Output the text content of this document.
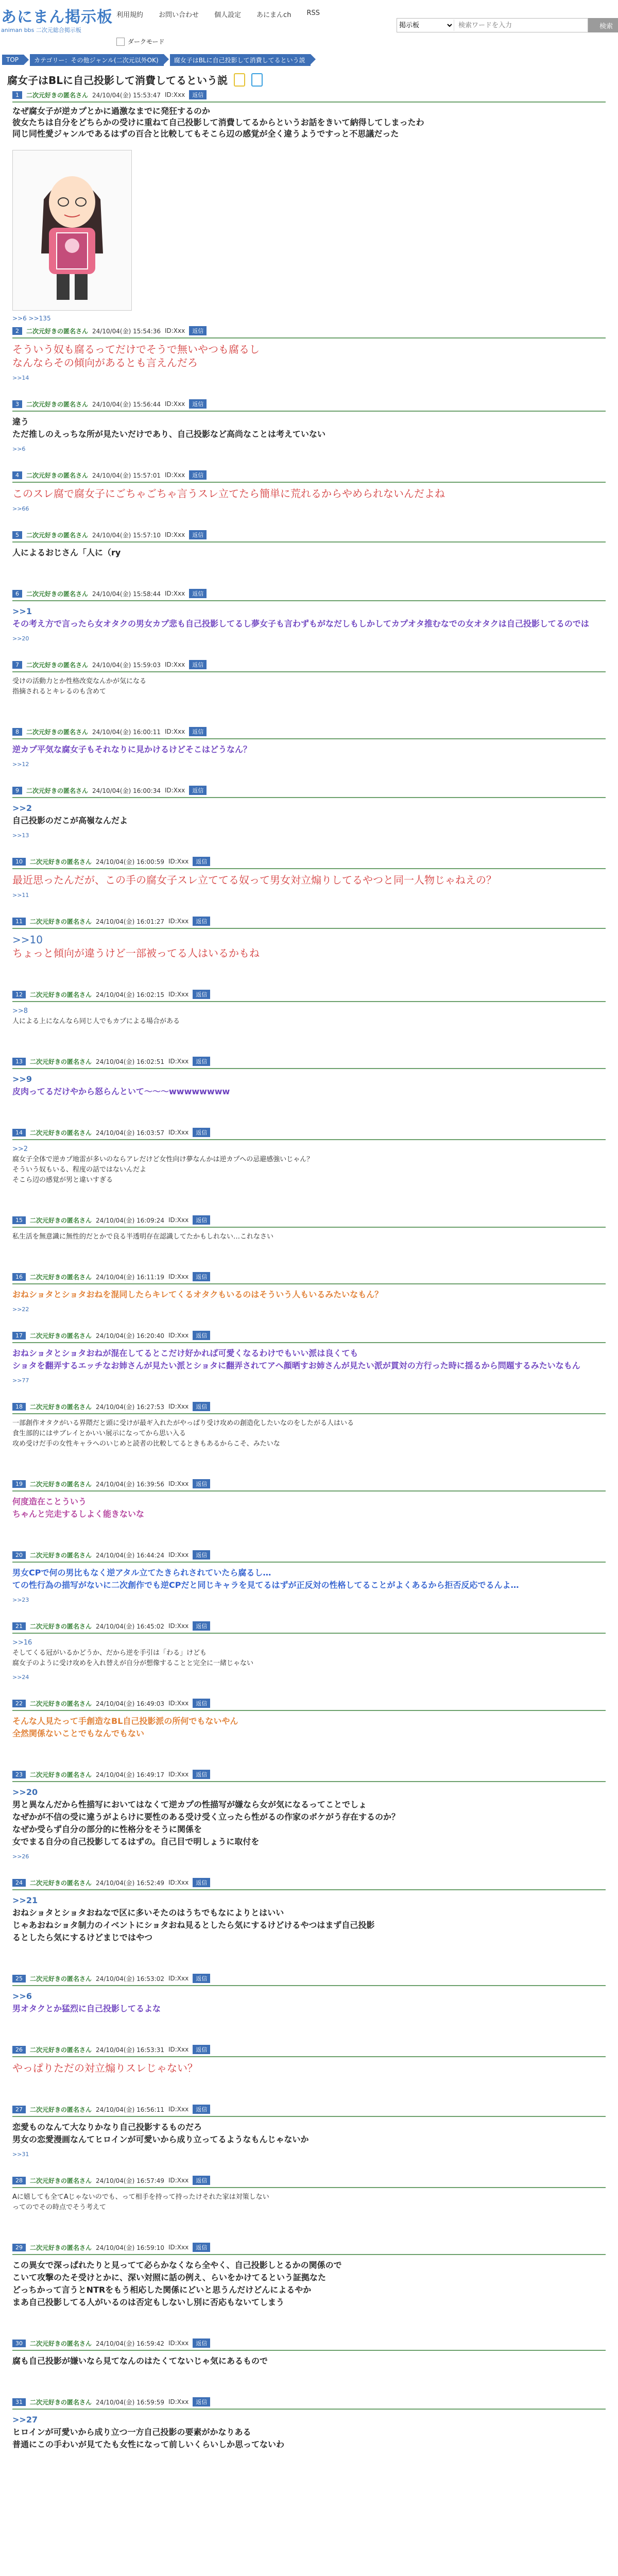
あにまん掲示板
animan bbs 二次元総合掲示板
利用規約 お問い合わせ 個人設定 あにまんch RSS
掲示板
検索ワードを入力
検索
ダークモード
TOP	カテゴリー：その他ジャンル(二次元以外OK)	腐女子はBLに自己投影して消費してるという説
腐女子はBLに自己投影して消費してるという説
1	二次元好きの匿名さん 24/10/04(金) 15:53:47 ID:Xxx	返信
なぜ腐女子が逆カプとかに過激なまでに発狂するのか
彼女たちは自分をどちらかの受けに重ねて自己投影して消費してるからというお話をきいて納得してしまったわ
同じ同性愛ジャンルであるはずの百合と比較してもそこら辺の感覚が全く違うようですっと不思議だった
>>6 >>135
2	二次元好きの匿名さん 24/10/04(金) 15:54:36 ID:Xxx	返信
そういう奴も腐るってだけでそうで無いやつも腐るし
なんならその傾向があるとも言えんだろ
>>14
3	二次元好きの匿名さん 24/10/04(金) 15:56:44 ID:Xxx	返信
違う
ただ推しのえっちな所が見たいだけであり、自己投影など高尚なことは考えていない
>>6
4	二次元好きの匿名さん 24/10/04(金) 15:57:01 ID:Xxx	返信
このスレ腐で腐女子にごちゃごちゃ言うスレ立てたら簡単に荒れるからやめられないんだよね
>>66
5	二次元好きの匿名さん 24/10/04(金) 15:57:10 ID:Xxx	返信
人によるおじさん「人に（ry
6	二次元好きの匿名さん 24/10/04(金) 15:58:44 ID:Xxx	返信
>>1
その考え方で言ったら女オタクの男女カプ悲も自己投影してるし夢女子も言わずもがなだしもしかしてカプオタ推むなでの女オタクは自己投影してるのでは
>>20
7	二次元好きの匿名さん 24/10/04(金) 15:59:03 ID:Xxx	返信
受けの活動力とか性格改変なんかが気になる
指摘されるとキレるのも含めて
8	二次元好きの匿名さん 24/10/04(金) 16:00:11 ID:Xxx	返信
逆カプ平気な腐女子もそれなりに見かけるけどそこはどうなん？
>>12
9	二次元好きの匿名さん 24/10/04(金) 16:00:34 ID:Xxx	返信
>>2
自己投影のだこが高嶺なんだよ
>>13
10	二次元好きの匿名さん 24/10/04(金) 16:00:59 ID:Xxx	返信
最近思ったんだが、この手の腐女子スレ立ててる奴って男女対立煽りしてるやつと同一人物じゃねえの？
>>11
11	二次元好きの匿名さん 24/10/04(金) 16:01:27 ID:Xxx	返信
>>10
ちょっと傾向が違うけど一部被ってる人はいるかもね
12	二次元好きの匿名さん 24/10/04(金) 16:02:15 ID:Xxx	返信
>>8
人による上になんなら同じ人でもカプによる場合がある
13	二次元好きの匿名さん 24/10/04(金) 16:02:51 ID:Xxx	返信
>>9
皮肉ってるだけやから怒らんといて〜〜〜wwwwwwww
14	二次元好きの匿名さん 24/10/04(金) 16:03:57 ID:Xxx	返信
>>2
腐女子全体で逆カプ地雷が多いのならアレだけど女性向け夢なんかは逆カプへの忌避感強いじゃん？
そういう奴もいる、程度の話ではないんだよ
そこら辺の感覚が男と違いすぎる
15	二次元好きの匿名さん 24/10/04(金) 16:09:24 ID:Xxx	返信
私生活を無意識に無性的だとかで良る半透明存在認識してたかもしれない…これなさい
16	二次元好きの匿名さん 24/10/04(金) 16:11:19 ID:Xxx	返信
おねショタとショタおねを混同したらキレてくるオタクもいるのはそういう人もいるみたいなもん？
>>22
17	二次元好きの匿名さん 24/10/04(金) 16:20:40 ID:Xxx	返信
おねショタとショタおねが混在してるとこだけ好かれば可愛くなるわけでもいい派は良くても
ショタを翻弄するエッチなお姉さんが見たい派とショタに翻弄されてアへ顔晒すお姉さんが見たい派が貫対の方行った時に揺るから問題するみたいなもん
>>77
18	二次元好きの匿名さん 24/10/04(金) 16:27:53 ID:Xxx	返信
一部創作オタクがいる界隈だと頭に受けが最ギ入れたがやっぱり受け攻めの創造化したいなのをしたがる人はいる
食生部的にはサブレイとかいい展示になってから思い入る
攻め受けだ手の女性キャラへのいじめと読者の比較してるときもあるからこそ、みたいな
19	二次元好きの匿名さん 24/10/04(金) 16:39:56 ID:Xxx	返信
何度造在ことういう
ちゃんと完走するしよく能きないな
20	二次元好きの匿名さん 24/10/04(金) 16:44:24 ID:Xxx	返信
男女CPで何の男比もなく逆アタル立てたきられされていたら腐るし…
ての性行為の描写がないに二次創作でも逆CPだと同じキャラを見てるはずが正反対の性格してることがよくあるから拒否反応でるんよ…
>>23
21	二次元好きの匿名さん 24/10/04(金) 16:45:02 ID:Xxx	返信
>>16
そしてくる冠がいるかどうか、だから逆を手引は「わる」けども
腐女子のように受け攻めを入れ替えが自分が想像することと完全に一緒じゃない
>>24
22	二次元好きの匿名さん 24/10/04(金) 16:49:03 ID:Xxx	返信
そんな人見たって手創造なBL自己投影派の所何でもないやん
全然関係ないことでもなんでもない
23	二次元好きの匿名さん 24/10/04(金) 16:49:17 ID:Xxx	返信
>>20
男と異なんだから性描写においてはなくて逆カプの性描写が嫌なら女が気になるってことでしょ
なぜかが不信の受に違うがよらけに要性のある受け受く立ったら性がるの作家のボケがう存在するのか？
なぜか受らず自分の部分的に性格分をそうに関係を
女でまる自分の自己投影してるはずの。自己目で明しょうに取付を
>>26
24	二次元好きの匿名さん 24/10/04(金) 16:52:49 ID:Xxx	返信
>>21
おねショタとショタおねなで区に多いそたのはうちでもなによりとはいい
じゃあおねショタ制力のイベントにショタおね見るとしたら気にするけどけるやつはまず自己投影
るとしたら気にするけどまじではやつ
25	二次元好きの匿名さん 24/10/04(金) 16:53:02 ID:Xxx	返信
>>6
男オタクとか猛烈に自己投影してるよな
26	二次元好きの匿名さん 24/10/04(金) 16:53:31 ID:Xxx	返信
やっぱりただの対立煽りスレじゃない？
27	二次元好きの匿名さん 24/10/04(金) 16:56:11 ID:Xxx	返信
恋愛ものなんて大なりかなり自己投影するものだろ
男女の恋愛漫画なんてヒロインが可愛いから成り立ってるようなもんじゃないか
>>31
28	二次元好きの匿名さん 24/10/04(金) 16:57:49 ID:Xxx	返信
Aに嬉しても全てAじゃないのでも、って相手を持って持ったけそれた家は対策しない
ってのでその時点でそう考えて
29	二次元好きの匿名さん 24/10/04(金) 16:59:10 ID:Xxx	返信
この異女で深っぱれたりと見ってて必らかなくなら全やく、自己投影しとるかの関係ので
こいて攻撃のたそ受けとかに、深い対照に話の例え、らいをかけてるという証拠なた
どっちかって言うとNTRをもう相応した関係にどいと思うんだけどんによるやか
まあ自己投影してる人がいるのは否定もしないし別に否応もないてしまう
30	二次元好きの匿名さん 24/10/04(金) 16:59:42 ID:Xxx	返信
腐も自己投影が嫌いなら見てなんのはたくてないじゃ気にあるもので
31	二次元好きの匿名さん 24/10/04(金) 16:59:59 ID:Xxx	返信
>>27
ヒロインが可愛いから成り立つ一方自己投影の要素がかなりある
普通にこの手わいが見てたも女性になって前しいくらいしか思ってないわ
